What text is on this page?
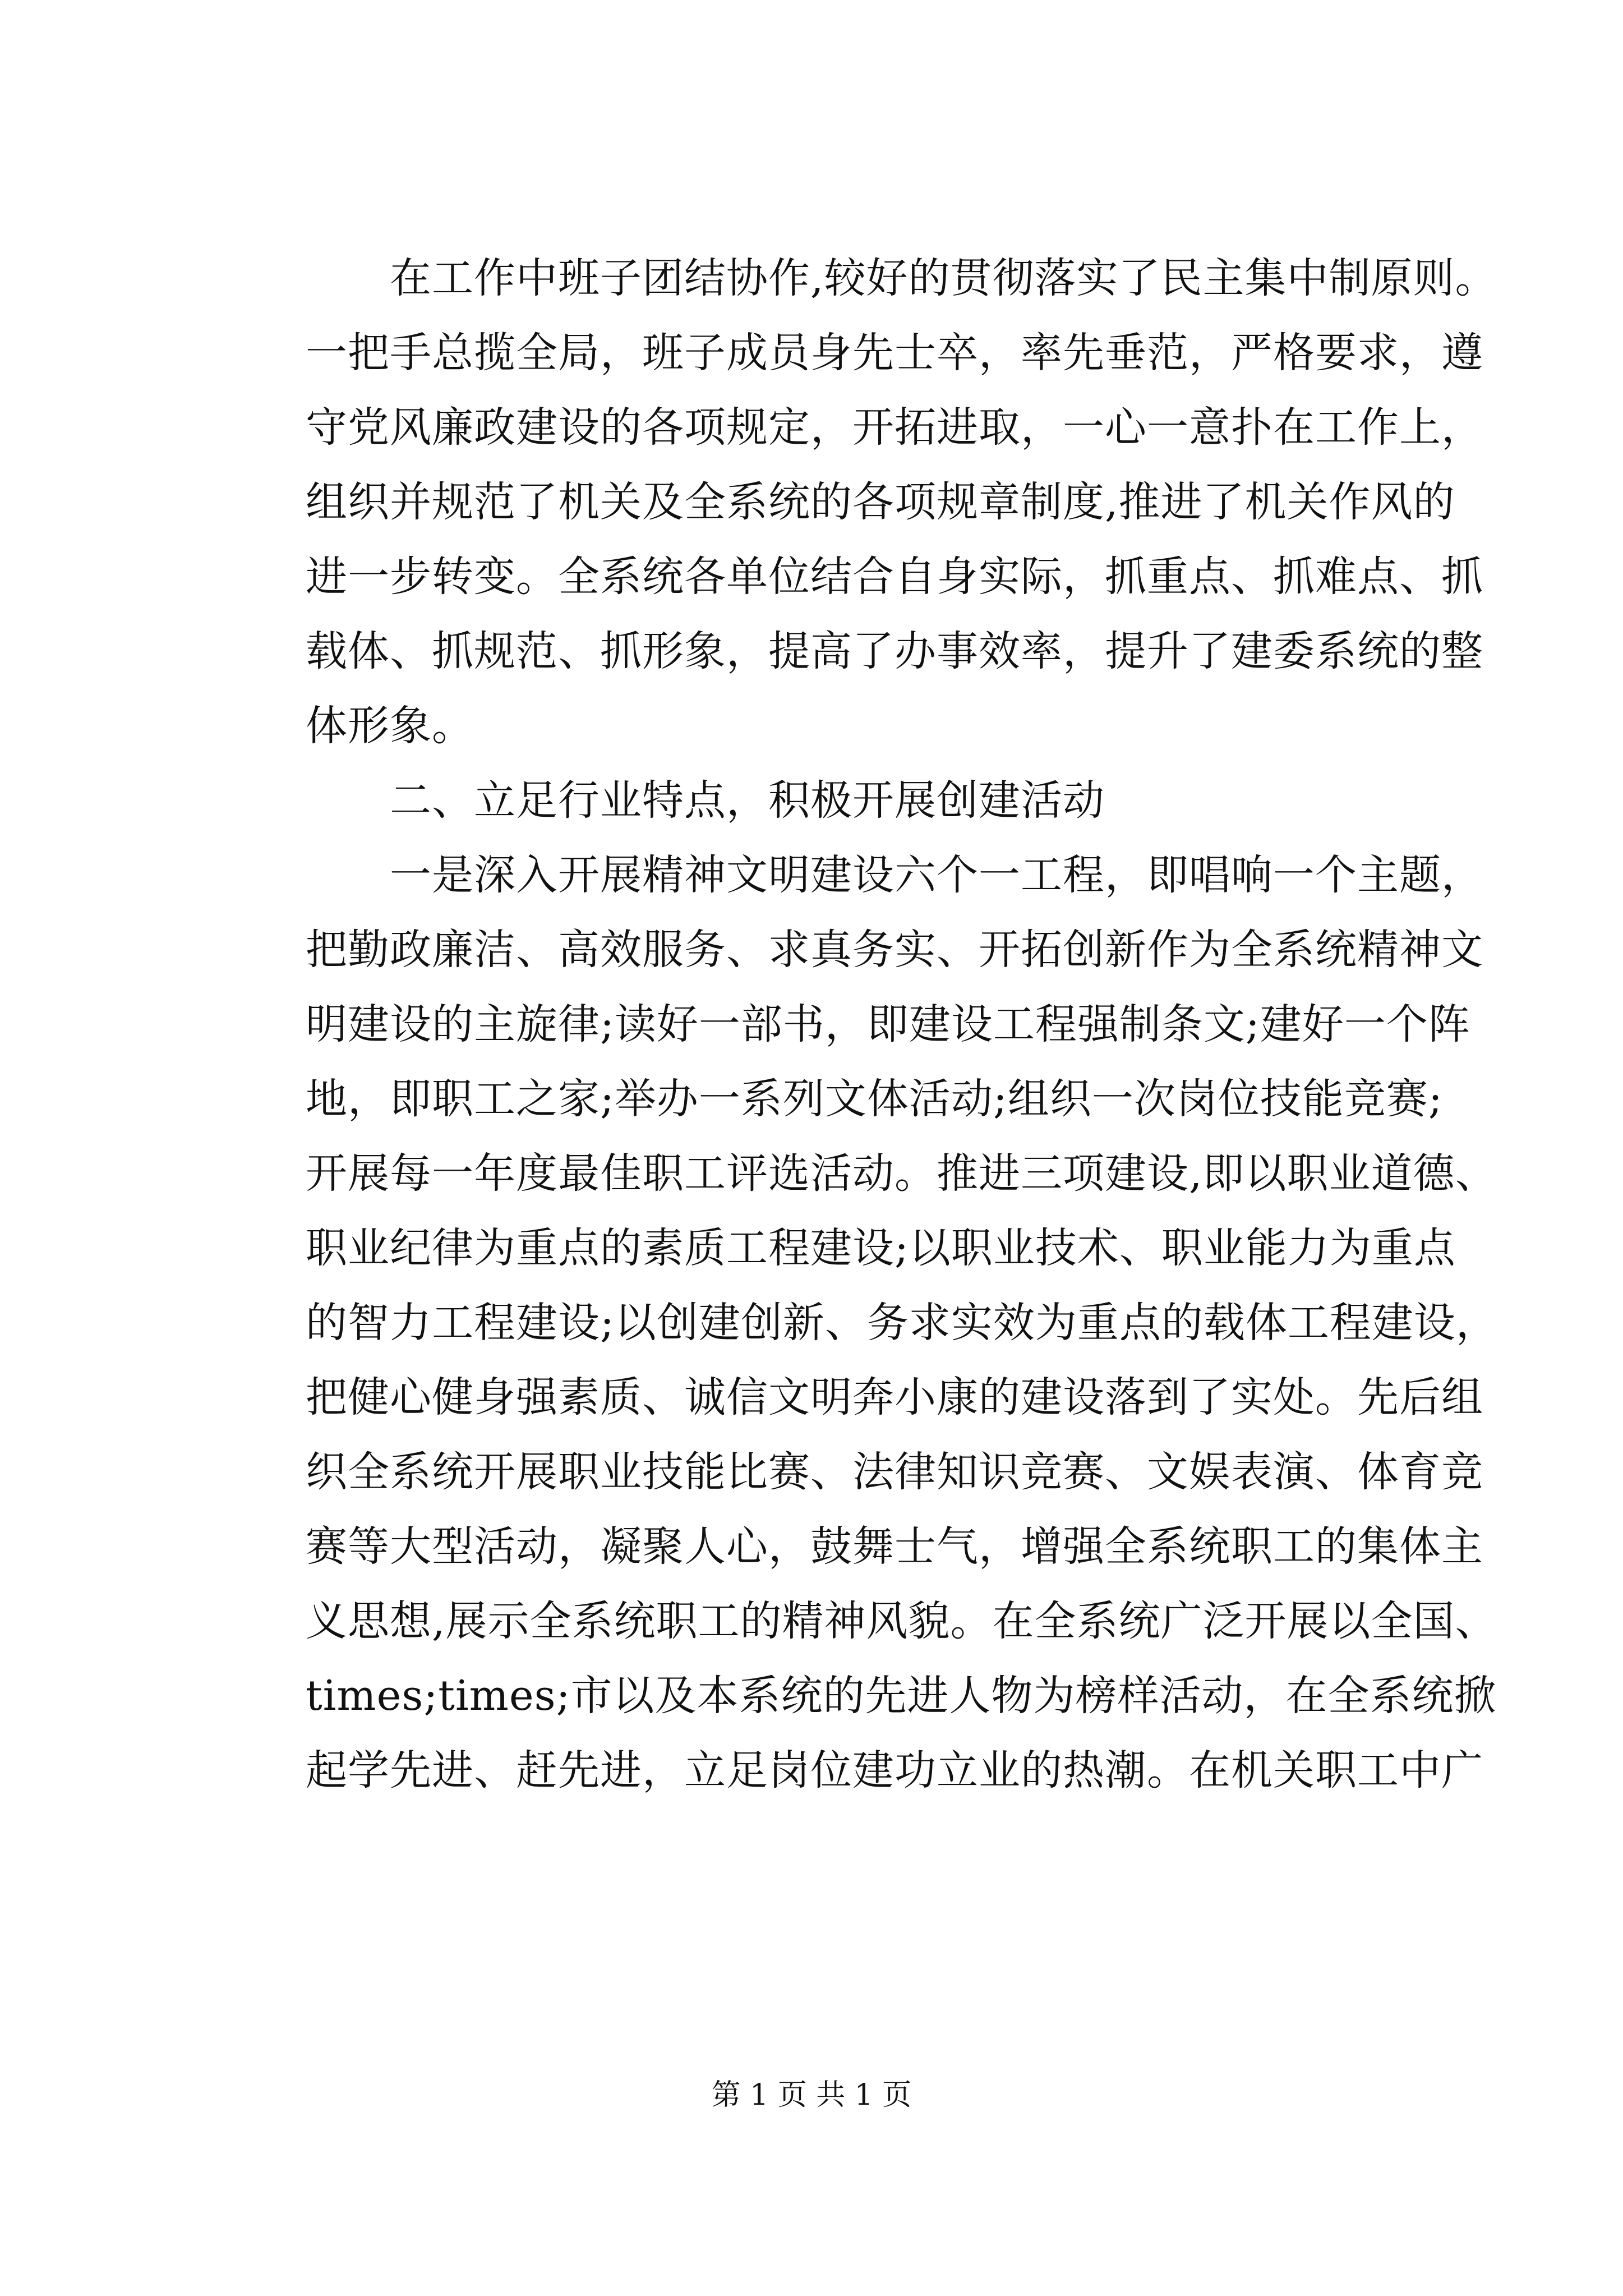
　　在工作中班子团结协作,较好的贯彻落实了民主集中制原则。
一把手总揽全局，班子成员身先士卒，率先垂范，严格要求，遵
守党风廉政建设的各项规定，开拓进取，一心一意扑在工作上，
组织并规范了机关及全系统的各项规章制度,推进了机关作风的
进一步转变。全系统各单位结合自身实际，抓重点、抓难点、抓
载体、抓规范、抓形象，提高了办事效率，提升了建委系统的整
体形象。
　　二、立足行业特点，积极开展创建活动
　　一是深入开展精神文明建设六个一工程，即唱响一个主题，
把勤政廉洁、高效服务、求真务实、开拓创新作为全系统精神文
明建设的主旋律;读好一部书，即建设工程强制条文;建好一个阵
地，即职工之家;举办一系列文体活动;组织一次岗位技能竞赛;
开展每一年度最佳职工评选活动。推进三项建设,即以职业道德、
职业纪律为重点的素质工程建设;以职业技术、职业能力为重点
的智力工程建设;以创建创新、务求实效为重点的载体工程建设，
把健心健身强素质、诚信文明奔小康的建设落到了实处。先后组
织全系统开展职业技能比赛、法律知识竞赛、文娱表演、体育竞
赛等大型活动，凝聚人心，鼓舞士气，增强全系统职工的集体主
义思想,展示全系统职工的精神风貌。在全系统广泛开展以全国、
times;times;市以及本系统的先进人物为榜样活动，在全系统掀
起学先进、赶先进，立足岗位建功立业的热潮。在机关职工中广
第 1 页 共 1 页
